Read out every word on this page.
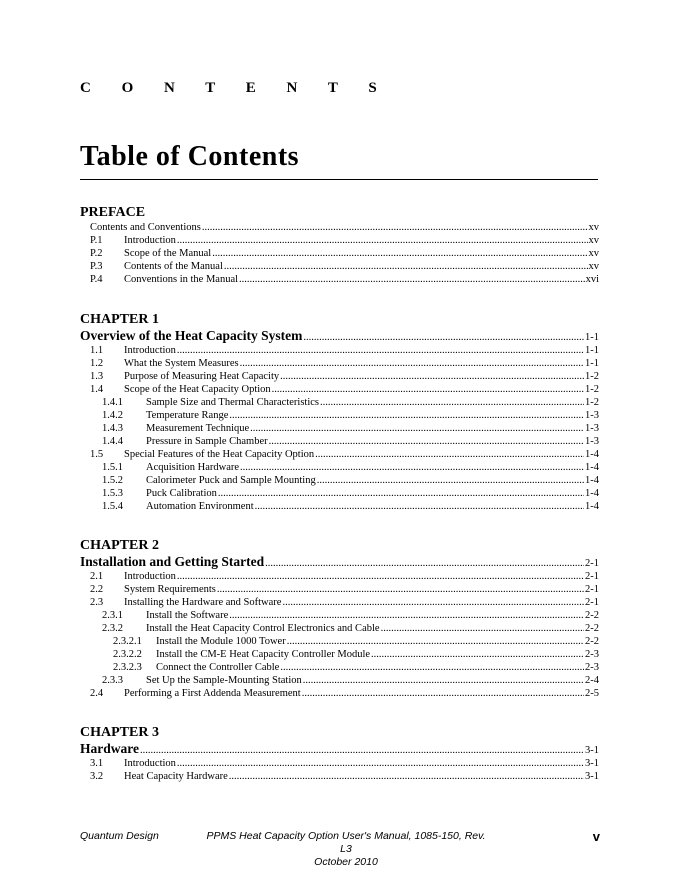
C O N T E N T S
Table of Contents
PREFACE
Contents and Conventions .....	xv
P.1	Introduction .....	xv
P.2	Scope of the Manual .....	xv
P.3	Contents of the Manual .....	xv
P.4	Conventions in the Manual .....	xvi
CHAPTER 1
Overview of the Heat Capacity System .....	1-1
1.1	Introduction .....	1-1
1.2	What the System Measures .....	1-1
1.3	Purpose of Measuring Heat Capacity .....	1-2
1.4	Scope of the Heat Capacity Option .....	1-2
1.4.1	Sample Size and Thermal Characteristics .....	1-2
1.4.2	Temperature Range .....	1-3
1.4.3	Measurement Technique .....	1-3
1.4.4	Pressure in Sample Chamber .....	1-3
1.5	Special Features of the Heat Capacity Option .....	1-4
1.5.1	Acquisition Hardware .....	1-4
1.5.2	Calorimeter Puck and Sample Mounting .....	1-4
1.5.3	Puck Calibration .....	1-4
1.5.4	Automation Environment .....	1-4
CHAPTER 2
Installation and Getting Started .....	2-1
2.1	Introduction .....	2-1
2.2	System Requirements .....	2-1
2.3	Installing the Hardware and Software .....	2-1
2.3.1	Install the Software .....	2-2
2.3.2	Install the Heat Capacity Control Electronics and Cable .....	2-2
2.3.2.1	Install the Module 1000 Tower .....	2-2
2.3.2.2	Install the CM-E Heat Capacity Controller Module .....	2-3
2.3.2.3	Connect the Controller Cable .....	2-3
2.3.3	Set Up the Sample-Mounting Station .....	2-4
2.4	Performing a First Addenda Measurement .....	2-5
CHAPTER 3
Hardware .....	3-1
3.1	Introduction .....	3-1
3.2	Heat Capacity Hardware .....	3-1
Quantum Design	PPMS Heat Capacity Option User's Manual, 1085-150, Rev. L3
October 2010
v
